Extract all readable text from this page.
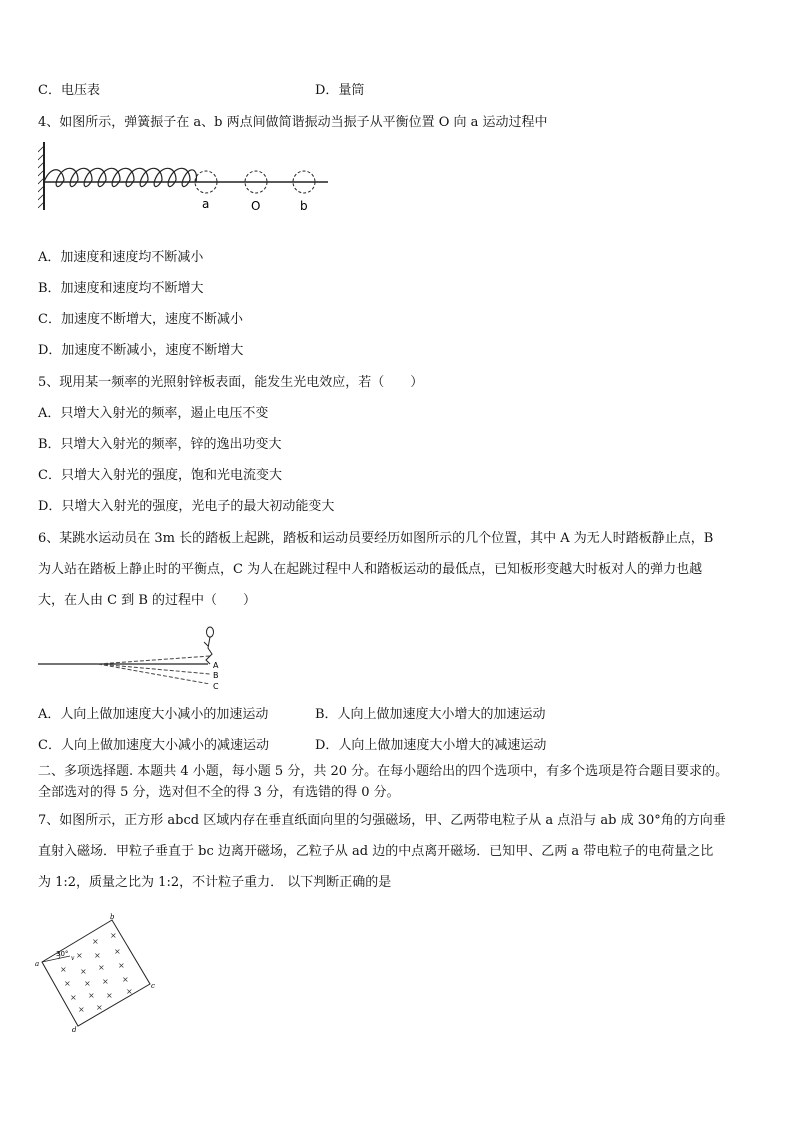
C．电压表	D．量筒
4、如图所示，弹簧振子在 a、b 两点间做简谐振动当振子从平衡位置 O 向 a 运动过程中
a	O	b
A．加速度和速度均不断减小
B．加速度和速度均不断增大
C．加速度不断增大，速度不断减小
D．加速度不断减小，速度不断增大
5、现用某一频率的光照射锌板表面，能发生光电效应，若（　　）
A．只增大入射光的频率，遏止电压不变
B．只增大入射光的频率，锌的逸出功变大
C．只增大入射光的强度，饱和光电流变大
D．只增大入射光的强度，光电子的最大初动能变大
6、某跳水运动员在 3m 长的踏板上起跳，踏板和运动员要经历如图所示的几个位置，其中 A 为无人时踏板静止点，B
为人站在踏板上静止时的平衡点，C 为人在起跳过程中人和踏板运动的最低点，已知板形变越大时板对人的弹力也越
大，在人由 C 到 B 的过程中（　　）
A
B
C
A．人向上做加速度大小减小的加速运动	B．人向上做加速度大小增大的加速运动
C．人向上做加速度大小减小的减速运动	D．人向上做加速度大小增大的减速运动
二、多项选择题. 本题共 4 小题，每小题 5 分，共 20 分。在每小题给出的四个选项中，有多个选项是符合题目要求的。
全部选对的得 5 分，选对但不全的得 3 分，有选错的得 0 分。
7、如图所示，正方形 abcd 区域内存在垂直纸面向里的匀强磁场，甲、乙两带电粒子从 a 点沿与 ab 成 30°角的方向垂
直射入磁场．甲粒子垂直于 bc 边离开磁场，乙粒子从 ad 边的中点离开磁场．已知甲、乙两 a 带电粒子的电荷量之比
为 1:2，质量之比为 1:2，不计粒子重力． 以下判断正确的是
×
×
× × ×
× × × ×
× × × ×
× × × ×
× ×
a
b
c
d
30°
v
